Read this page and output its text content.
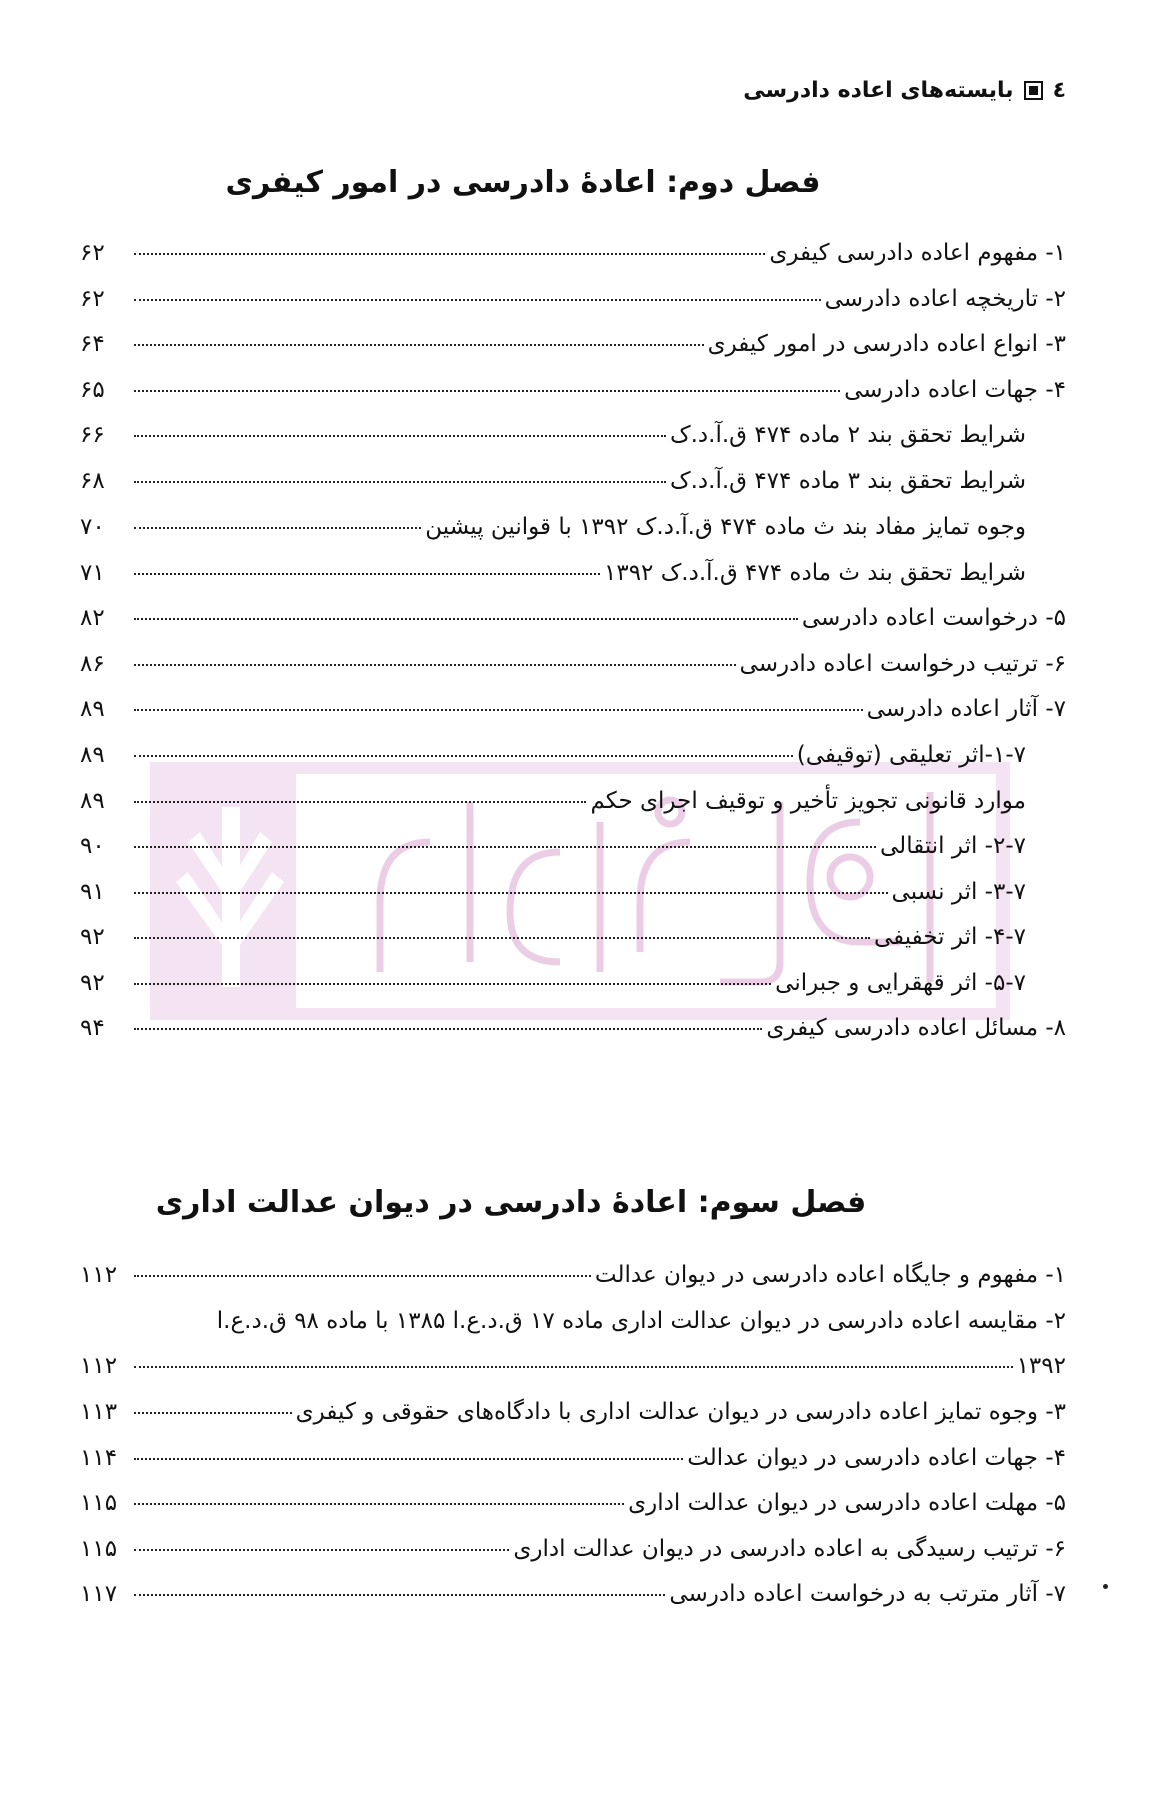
٤
بایسته‌های اعاده دادرسی
فصل دوم: اعادهٔ دادرسی در امور کیفری
۱- مفهوم اعاده دادرسی کیفری
۶۲
۲- تاریخچه اعاده دادرسی
۶۲
۳- انواع اعاده دادرسی در امور کیفری
۶۴
۴- جهات اعاده دادرسی
۶۵
شرایط تحقق بند ۲ ماده ۴۷۴ ق.آ.د.ک
۶۶
شرایط تحقق بند ۳ ماده ۴۷۴ ق.آ.د.ک
۶۸
وجوه تمایز مفاد بند ث ماده ۴۷۴ ق.آ.د.ک ۱۳۹۲ با قوانین پیشین
۷۰
شرایط تحقق بند ث ماده ۴۷۴ ق.آ.د.ک ۱۳۹۲
۷۱
۵- درخواست اعاده دادرسی
۸۲
۶- ترتیب درخواست اعاده دادرسی
۸۶
۷- آثار اعاده دادرسی
۸۹
۱-۷-اثر تعلیقی (توقیفی)
۸۹
موارد قانونی تجویز تأخیر و توقیف اجرای حکم
۸۹
۲-۷- اثر انتقالی
۹۰
۳-۷- اثر نسبی
۹۱
۴-۷- اثر تخفیفی
۹۲
۵-۷- اثر قهقرایی و جبرانی
۹۲
۸- مسائل اعاده دادرسی کیفری
۹۴
فصل سوم: اعادهٔ دادرسی در دیوان عدالت اداری
۱- مفهوم و جایگاه اعاده دادرسی در دیوان عدالت
۱۱۲
۲- مقایسه اعاده دادرسی در دیوان عدالت اداری ماده ۱۷ ق.د.ع.ا ۱۳۸۵ با ماده ۹۸ ق.د.ع.ا
۱۳۹۲
۱۱۲
۳- وجوه تمایز اعاده دادرسی در دیوان عدالت اداری با دادگاه‌های حقوقی و کیفری
۱۱۳
۴- جهات اعاده دادرسی در دیوان عدالت
۱۱۴
۵- مهلت اعاده دادرسی در دیوان عدالت اداری
۱۱۵
۶- ترتیب رسیدگی به اعاده دادرسی در دیوان عدالت اداری
۱۱۵
۷- آثار مترتب به درخواست اعاده دادرسی
۱۱۷
